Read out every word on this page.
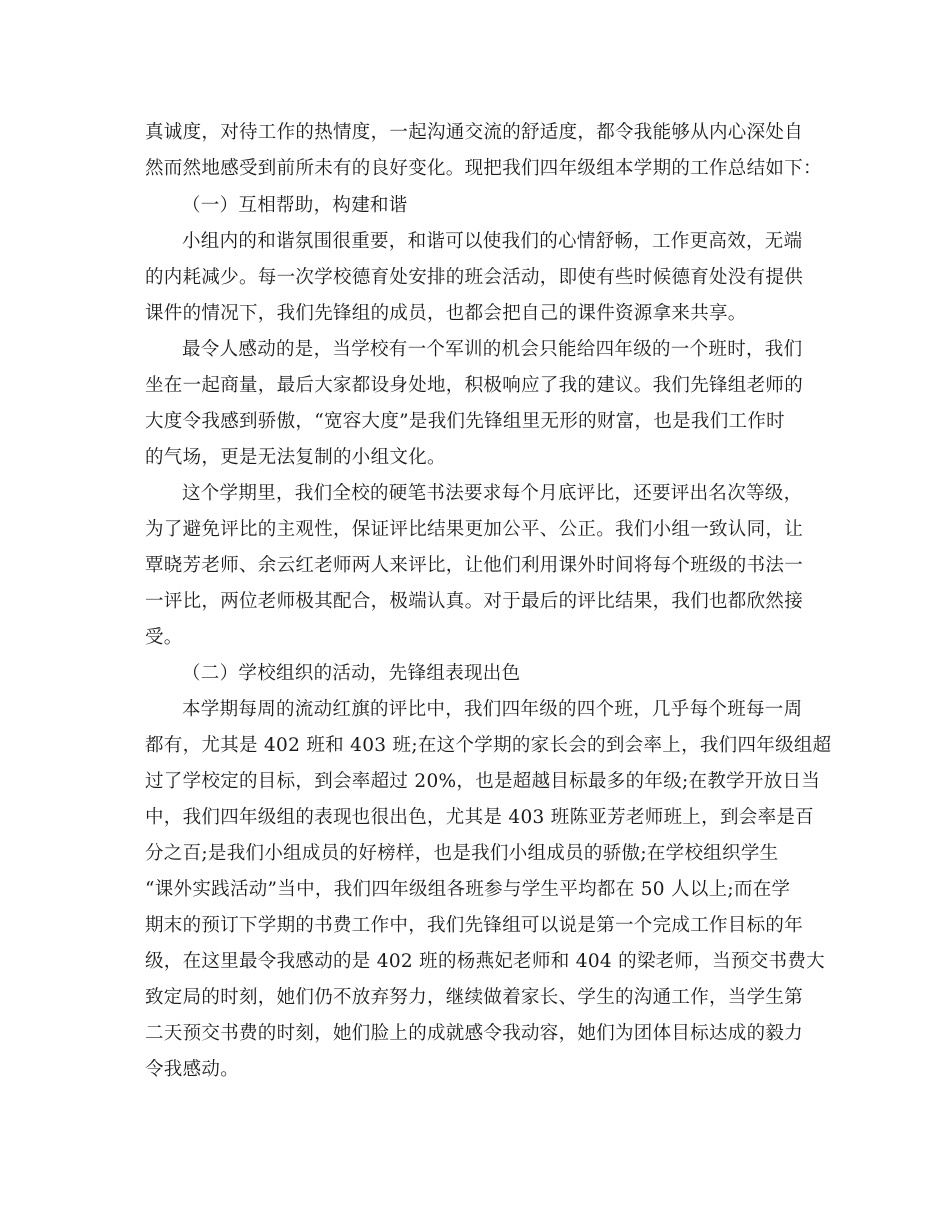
真诚度，对待工作的热情度，一起沟通交流的舒适度，都令我能够从内心深处自
然而然地感受到前所未有的良好变化。现把我们四年级组本学期的工作总结如下：
（一）互相帮助，构建和谐
小组内的和谐氛围很重要，和谐可以使我们的心情舒畅，工作更高效，无端
的内耗减少。每一次学校德育处安排的班会活动，即使有些时候德育处没有提供
课件的情况下，我们先锋组的成员，也都会把自己的课件资源拿来共享。
最令人感动的是，当学校有一个军训的机会只能给四年级的一个班时，我们
坐在一起商量，最后大家都设身处地，积极响应了我的建议。我们先锋组老师的
大度令我感到骄傲，“宽容大度”是我们先锋组里无形的财富，也是我们工作时
的气场，更是无法复制的小组文化。
这个学期里，我们全校的硬笔书法要求每个月底评比，还要评出名次等级，
为了避免评比的主观性，保证评比结果更加公平、公正。我们小组一致认同，让
覃晓芳老师、余云红老师两人来评比，让他们利用课外时间将每个班级的书法一
一评比，两位老师极其配合，极端认真。对于最后的评比结果，我们也都欣然接
受。
（二）学校组织的活动，先锋组表现出色
本学期每周的流动红旗的评比中，我们四年级的四个班，几乎每个班每一周
都有，尤其是 402 班和 403 班;在这个学期的家长会的到会率上，我们四年级组超
过了学校定的目标，到会率超过 20%，也是超越目标最多的年级;在教学开放日当
中，我们四年级组的表现也很出色，尤其是 403 班陈亚芳老师班上，到会率是百
分之百;是我们小组成员的好榜样，也是我们小组成员的骄傲;在学校组织学生
“课外实践活动”当中，我们四年级组各班参与学生平均都在 50 人以上;而在学
期末的预订下学期的书费工作中，我们先锋组可以说是第一个完成工作目标的年
级，在这里最令我感动的是 402 班的杨燕妃老师和 404 的梁老师，当预交书费大
致定局的时刻，她们仍不放弃努力，继续做着家长、学生的沟通工作，当学生第
二天预交书费的时刻，她们脸上的成就感令我动容，她们为团体目标达成的毅力
令我感动。
